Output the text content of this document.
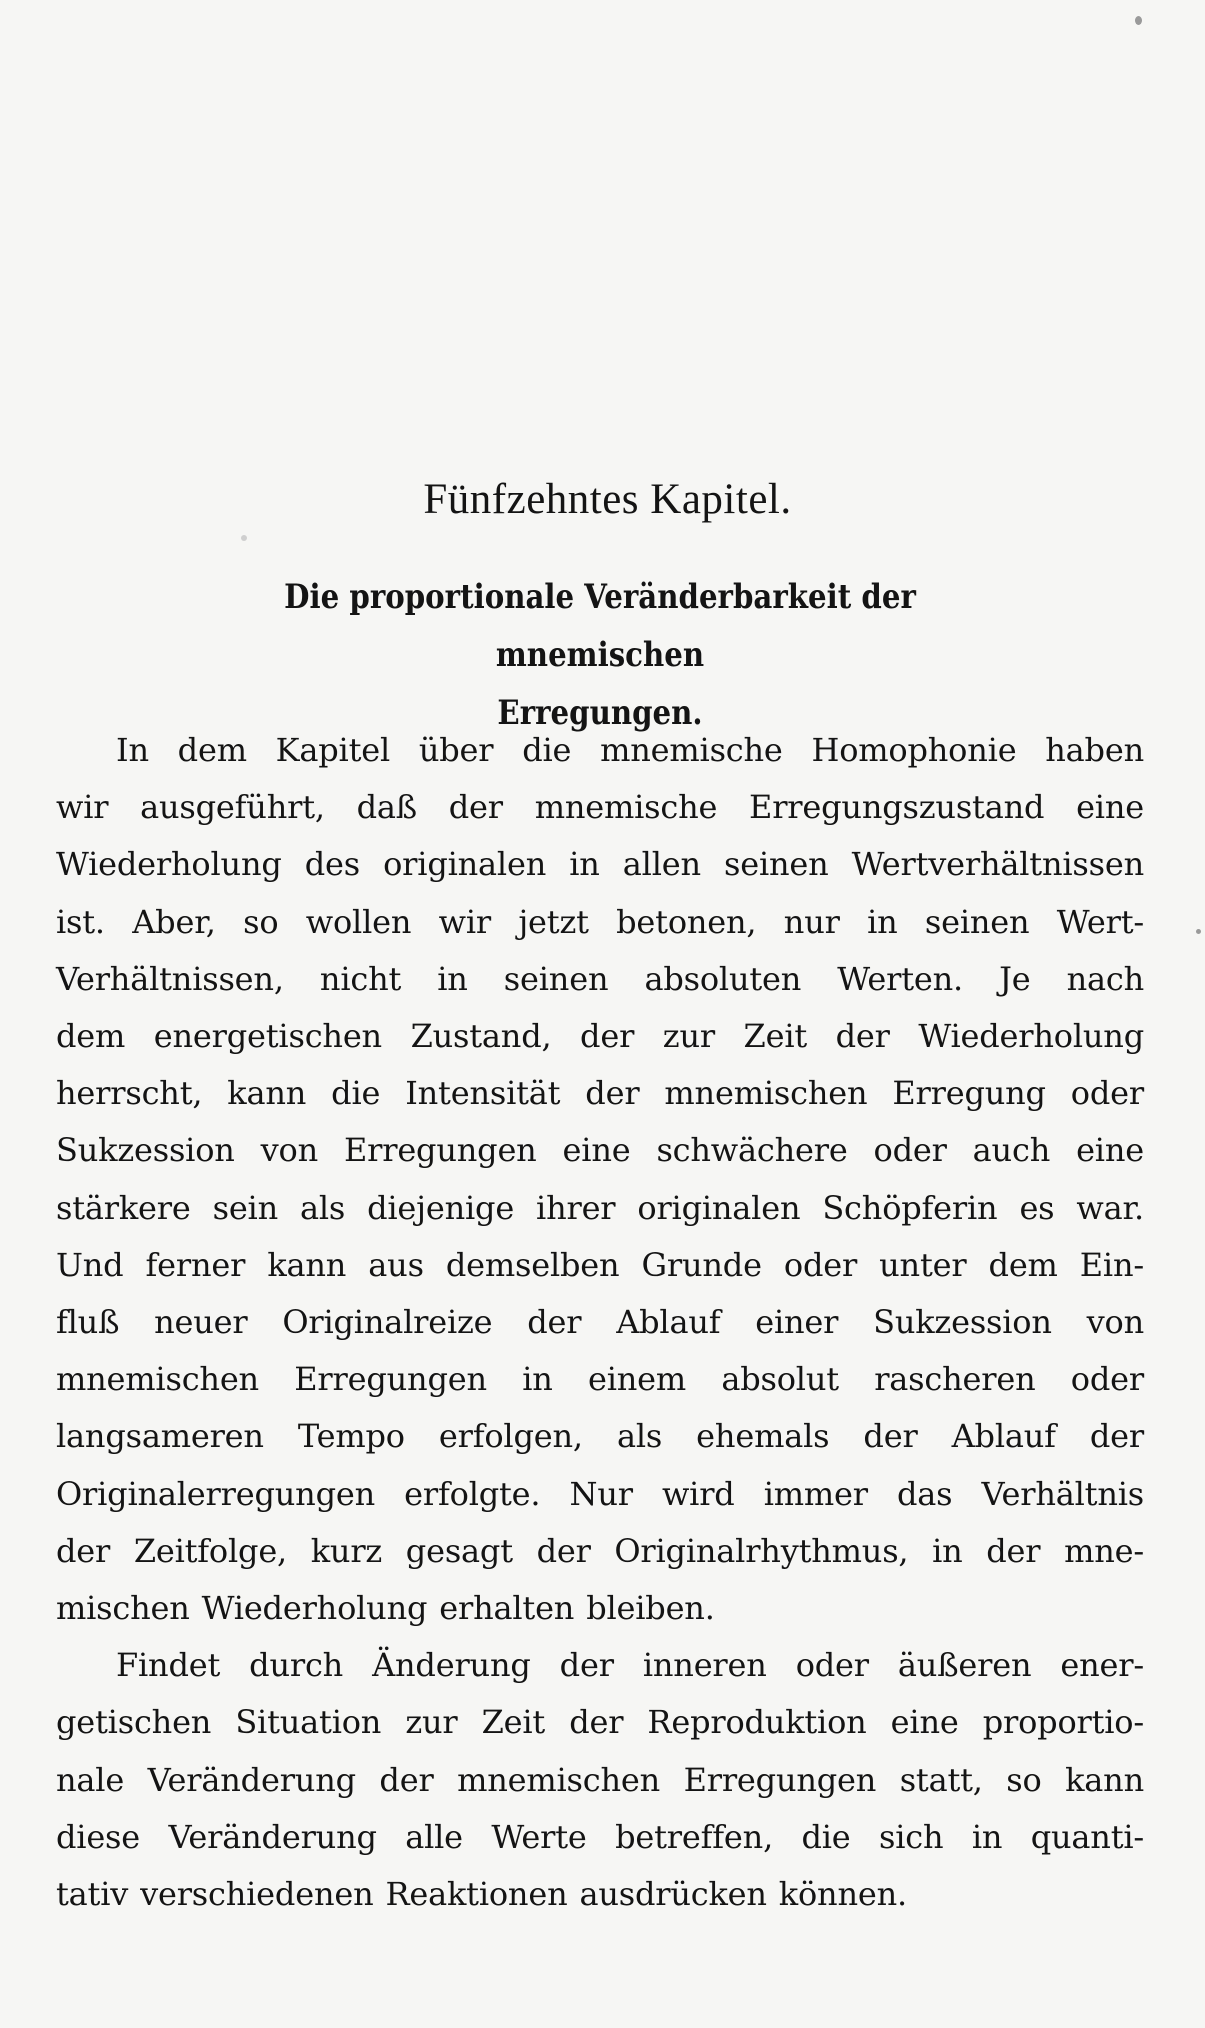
Fünfzehntes Kapitel.
Die proportionale Veränderbarkeit der mnemischen
Erregungen.

In dem Kapitel über die mnemische Homophonie haben
wir ausgeführt, daß der mnemische Erregungszustand eine
Wiederholung des originalen in allen seinen Wertverhältnissen
ist. Aber, so wollen wir jetzt betonen, nur in seinen Wert-
Verhältnissen, nicht in seinen absoluten Werten. Je nach
dem energetischen Zustand, der zur Zeit der Wiederholung
herrscht, kann die Intensität der mnemischen Erregung oder
Sukzession von Erregungen eine schwächere oder auch eine
stärkere sein als diejenige ihrer originalen Schöpferin es war.
Und ferner kann aus demselben Grunde oder unter dem Ein-
fluß neuer Originalreize der Ablauf einer Sukzession von
mnemischen Erregungen in einem absolut rascheren oder
langsameren Tempo erfolgen, als ehemals der Ablauf der
Originalerregungen erfolgte. Nur wird immer das Verhältnis
der Zeitfolge, kurz gesagt der Originalrhythmus, in der mne-
mischen Wiederholung erhalten bleiben.

Findet durch Änderung der inneren oder äußeren ener-
getischen Situation zur Zeit der Reproduktion eine proportio-
nale Veränderung der mnemischen Erregungen statt, so kann
diese Veränderung alle Werte betreffen, die sich in quanti-
tativ verschiedenen Reaktionen ausdrücken können.
